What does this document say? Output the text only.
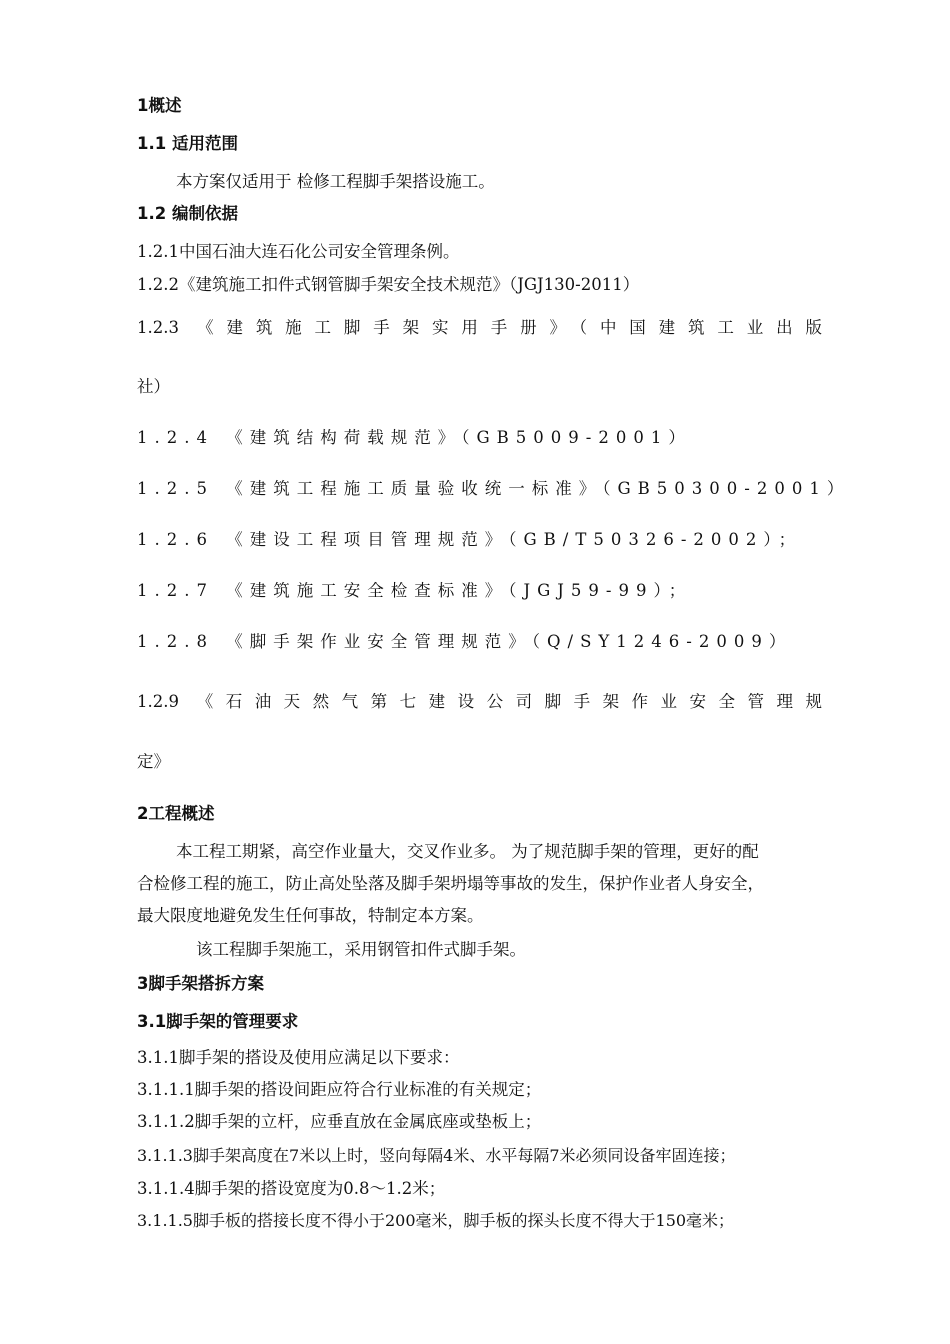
1概述
1.1 适用范围
本方案仅适用于 检修工程脚手架搭设施工。
1.2 编制依据
1.2.1中国石油大连石化公司安全管理条例。
1.2.2《建筑施工扣件式钢管脚手架安全技术规范》（JGJ130-2011）
1.2.3 《建筑施工脚手架实用手册》（中国建筑工业出版
社）
1.2.4 《建筑结构荷载规范》（GB5009-2001）
1.2.5 《建筑工程施工质量验收统一标准》（GB50300-2001）
1.2.6 《建设工程项目管理规范》（GB/T50326-2002）；
1.2.7 《建筑施工安全检查标准》（JGJ59-99）；
1.2.8 《脚手架作业安全管理规范》（Q/SY1246-2009）
1.2.9 《石油天然气第七建设公司脚手架作业安全管理规
定》
2工程概述
本工程工期紧，高空作业量大，交叉作业多。 为了规范脚手架的管理，更好的配
合检修工程的施工，防止高处坠落及脚手架坍塌等事故的发生，保护作业者人身安全，
最大限度地避免发生任何事故，特制定本方案。
该工程脚手架施工，采用钢管扣件式脚手架。
3脚手架搭拆方案
3.1脚手架的管理要求
3.1.1脚手架的搭设及使用应满足以下要求：
3.1.1.1脚手架的搭设间距应符合行业标准的有关规定；
3.1.1.2脚手架的立杆，应垂直放在金属底座或垫板上；
3.1.1.3脚手架高度在7米以上时，竖向每隔4米、水平每隔7米必须同设备牢固连接；
3.1.1.4脚手架的搭设宽度为0.8～1.2米；
3.1.1.5脚手板的搭接长度不得小于200毫米，脚手板的探头长度不得大于150毫米；
